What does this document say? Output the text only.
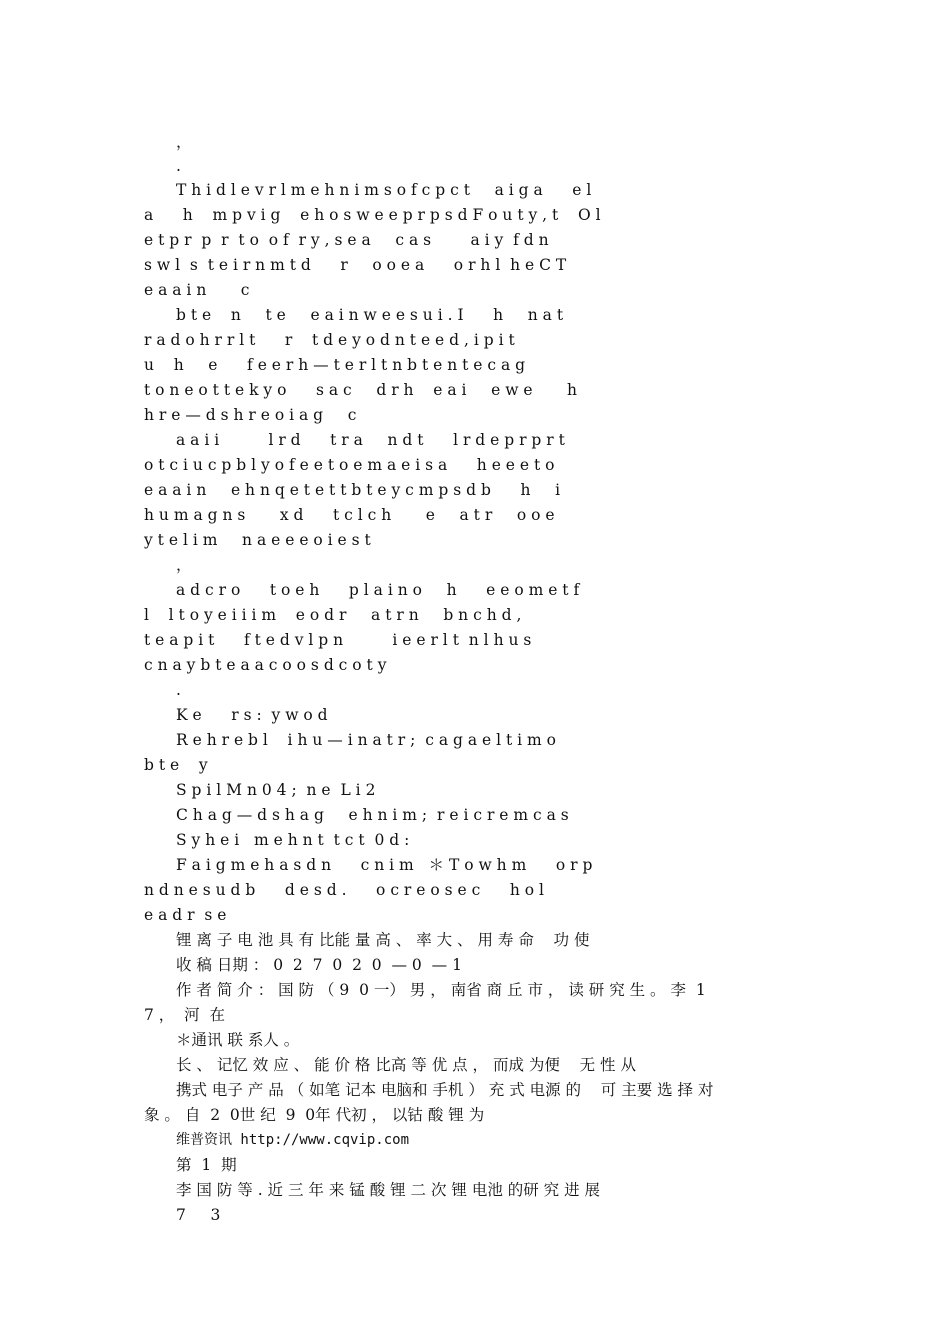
，
.
T h i d l e v r l m e h n i m s o f c p c t     a i g a      e l
a      h    m p v i g    e h o s w e e p r p s d F o u t y , t    O l
e t p r  p  r  t o  o f  r y , s e a     c a s        a i y  f d n
s w l  s  t e i r n m t d      r     o o e a      o r h l  h e C T
e a a i n       c
b t e    n     t e     e a i n w e e s u i . I      h     n a t
r a d o h r r l t      r    t d e y o d n t e e d , i p i t
u    h     e      f e e r h — t e r l t n b t e n t e c a g
t o n e o t t e k y o      s a c     d r h    e a i     e w e       h
h r e — d s h r e o i a g     c
a a i i          l r d      t r a     n d t      l r d e p r p r t
o t c i u c p b l y o f e e t o e m a e i s a      h e e e t o
e a a i n     e h n q e t e t t b t e y c m p s d b      h     i
h u m a g n s       x d      t c l c h       e     a t r     o o e
y t e l i m     n a e e e o i e s t
，
a d c r o      t o e h      p l a i n o     h      e e o m e t f
l    l t o y e i i i m    e o d r     a t r n     b n c h d ,
t e a p i t      f t e d v l p n          i e e r l t  n l h u s
c n a y b t e a a c o o s d c o t y
.
K e      r s :  y w o d
R e h r e b l    i h u — i n a t r ;  c a g a e l t i m o
b t e    y
S p i l M n 0 4 ;  n e  L i 2
C h a g — d s h a g     e h n i m ;  r e i c r e m c a s
S y h e i   m e h n t  t c t  0 d :
F a i g m e h a s d n      c n i m   ＊ T o w h m      o r p
n d n e s u d b      d e s d .      o c r e o s e c      h o l
e a d r  s e
锂 离 子 电 池 具 有 比能 量 高 、 率 大 、 用 寿 命    功 使
收 稿 日期 ： 0  2  7  0  2  0  — 0  — 1
作 者 简 介 ： 国 防 （ 9  0 一） 男 ， 南省 商 丘 市 ， 读 研 究 生 。 李  1
7 ，  河  在
＊通讯 联 系人 。
长 、 记忆 效 应 、 能 价 格 比高 等 优 点 ， 而成 为便    无 性 从
携式 电子 产 品 （ 如笔 记本 电脑和 手机 ） 充 式 电源 的    可 主要 选 择 对
象 。 自  2  0世 纪  9  0年 代初 ， 以钴 酸 锂 为
维普资讯 http://www.cqvip.com
第  1  期
李 国 防 等 . 近 三 年 来 锰 酸 锂 二 次 锂 电池 的研 究 进 展
7     3
